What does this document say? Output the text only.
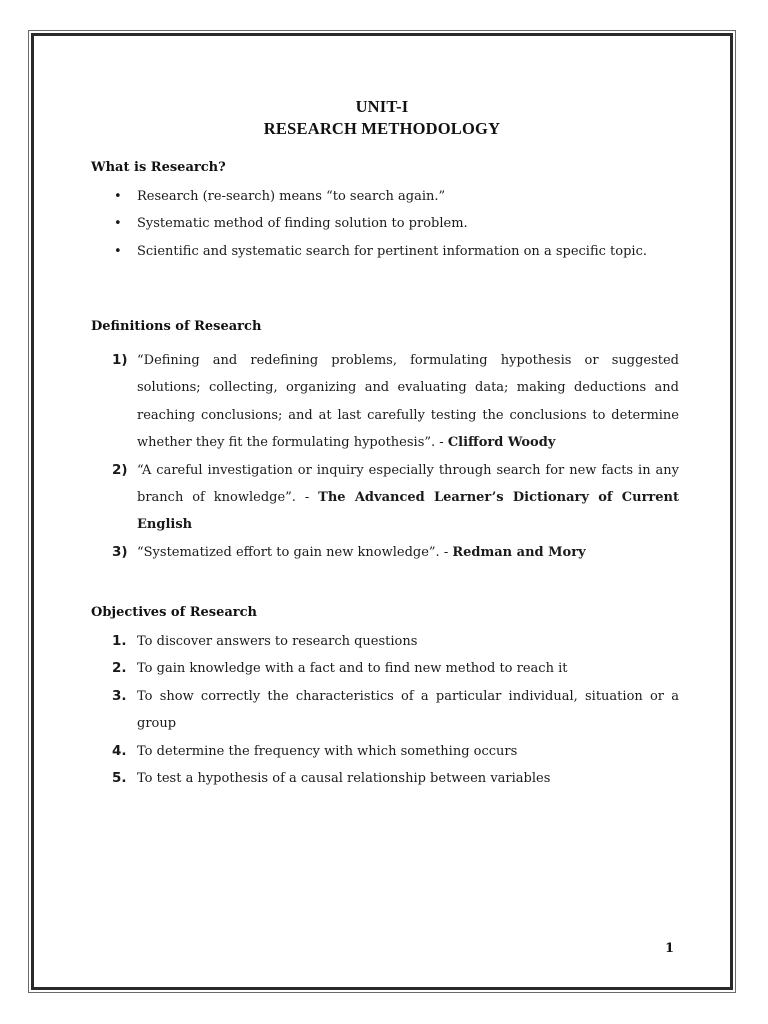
UNIT-I
RESEARCH METHODOLOGY
What is Research?
• Research (re-search) means “to search again.”
• Systematic method of finding solution to problem.
• Scientific and systematic search for pertinent information on a specific topic.
Definitions of Research
1) “Defining and redefining problems, formulating hypothesis or suggested solutions; collecting, organizing and evaluating data; making deductions and reaching conclusions; and at last carefully testing the conclusions to determine whether they fit the formulating hypothesis”. - Clifford Woody
2) “A careful investigation or inquiry especially through search for new facts in any branch of knowledge”. - The Advanced Learner’s Dictionary of Current English
3) “Systematized effort to gain new knowledge”. - Redman and Mory
Objectives of Research
1. To discover answers to research questions
2. To gain knowledge with a fact and to find new method to reach it
3. To show correctly the characteristics of a particular individual, situation or a group
4. To determine the frequency with which something occurs
5. To test a hypothesis of a causal relationship between variables
1
